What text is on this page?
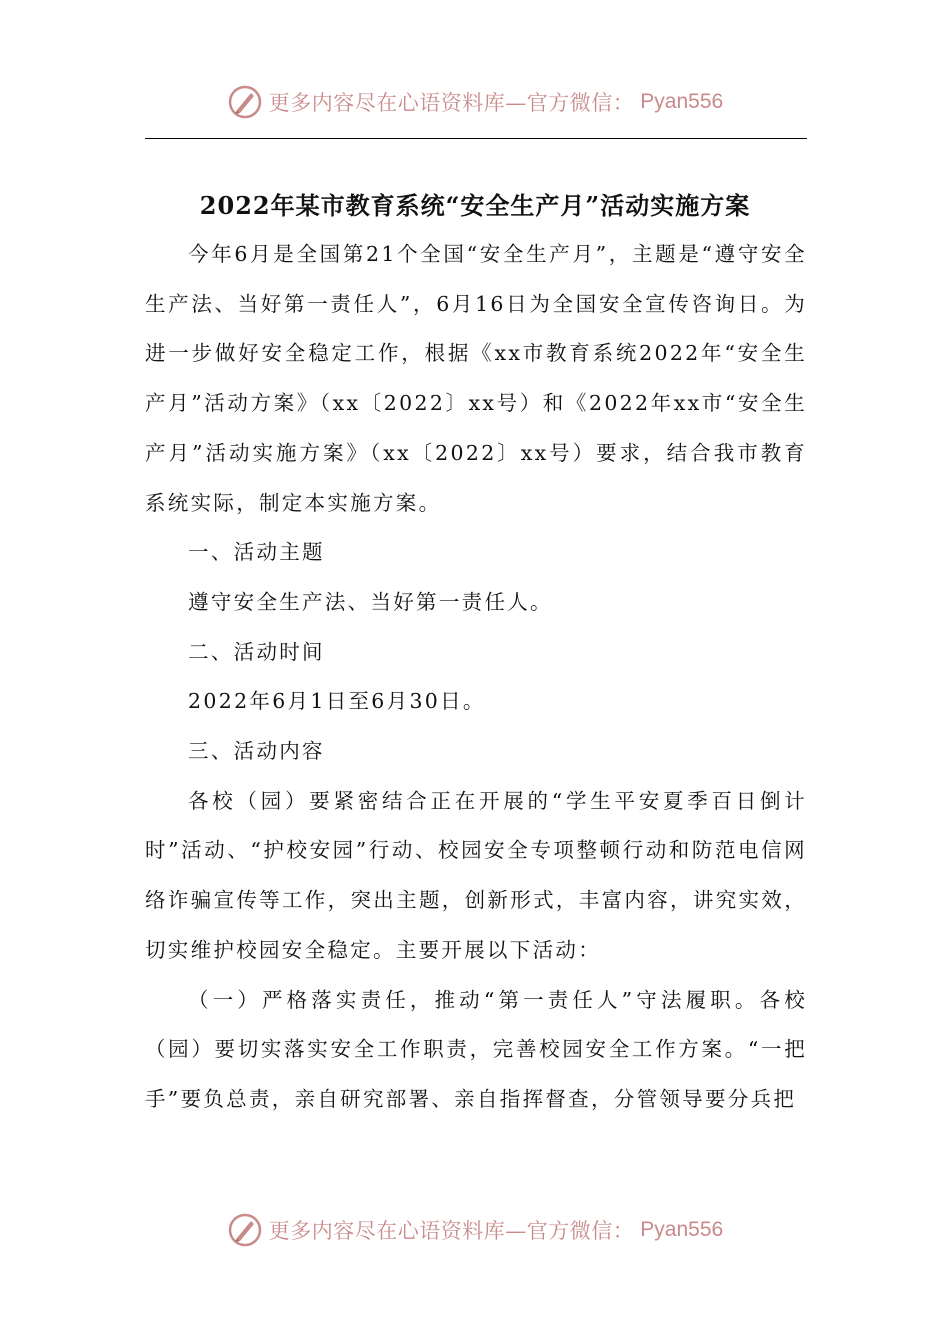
更多内容尽在心语资料库—官方微信： Pyan556
2022年某市教育系统“安全生产月”活动实施方案

今年6月是全国第21个全国“安全生产月”，主题是“遵守安全生产法、当好第一责任人”，6月16日为全国安全宣传咨询日。为进一步做好安全稳定工作，根据《xx市教育系统2022年“安全生产月”活动方案》（xx〔2022〕xx号）和《2022年xx市“安全生产月”活动实施方案》（xx〔2022〕xx号）要求，结合我市教育系统实际，制定本实施方案。

一、活动主题

遵守安全生产法、当好第一责任人。

二、活动时间

2022年6月1日至6月30日。

三、活动内容

各校（园）要紧密结合正在开展的“学生平安夏季百日倒计时”活动、“护校安园”行动、校园安全专项整顿行动和防范电信网络诈骗宣传等工作，突出主题，创新形式，丰富内容，讲究实效，切实维护校园安全稳定。主要开展以下活动：

（一）严格落实责任，推动“第一责任人”守法履职。各校（园）要切实落实安全工作职责，完善校园安全工作方案。“一把手”要负总责，亲自研究部署、亲自指挥督查，分管领导要分兵把

更多内容尽在心语资料库—官方微信： Pyan556
